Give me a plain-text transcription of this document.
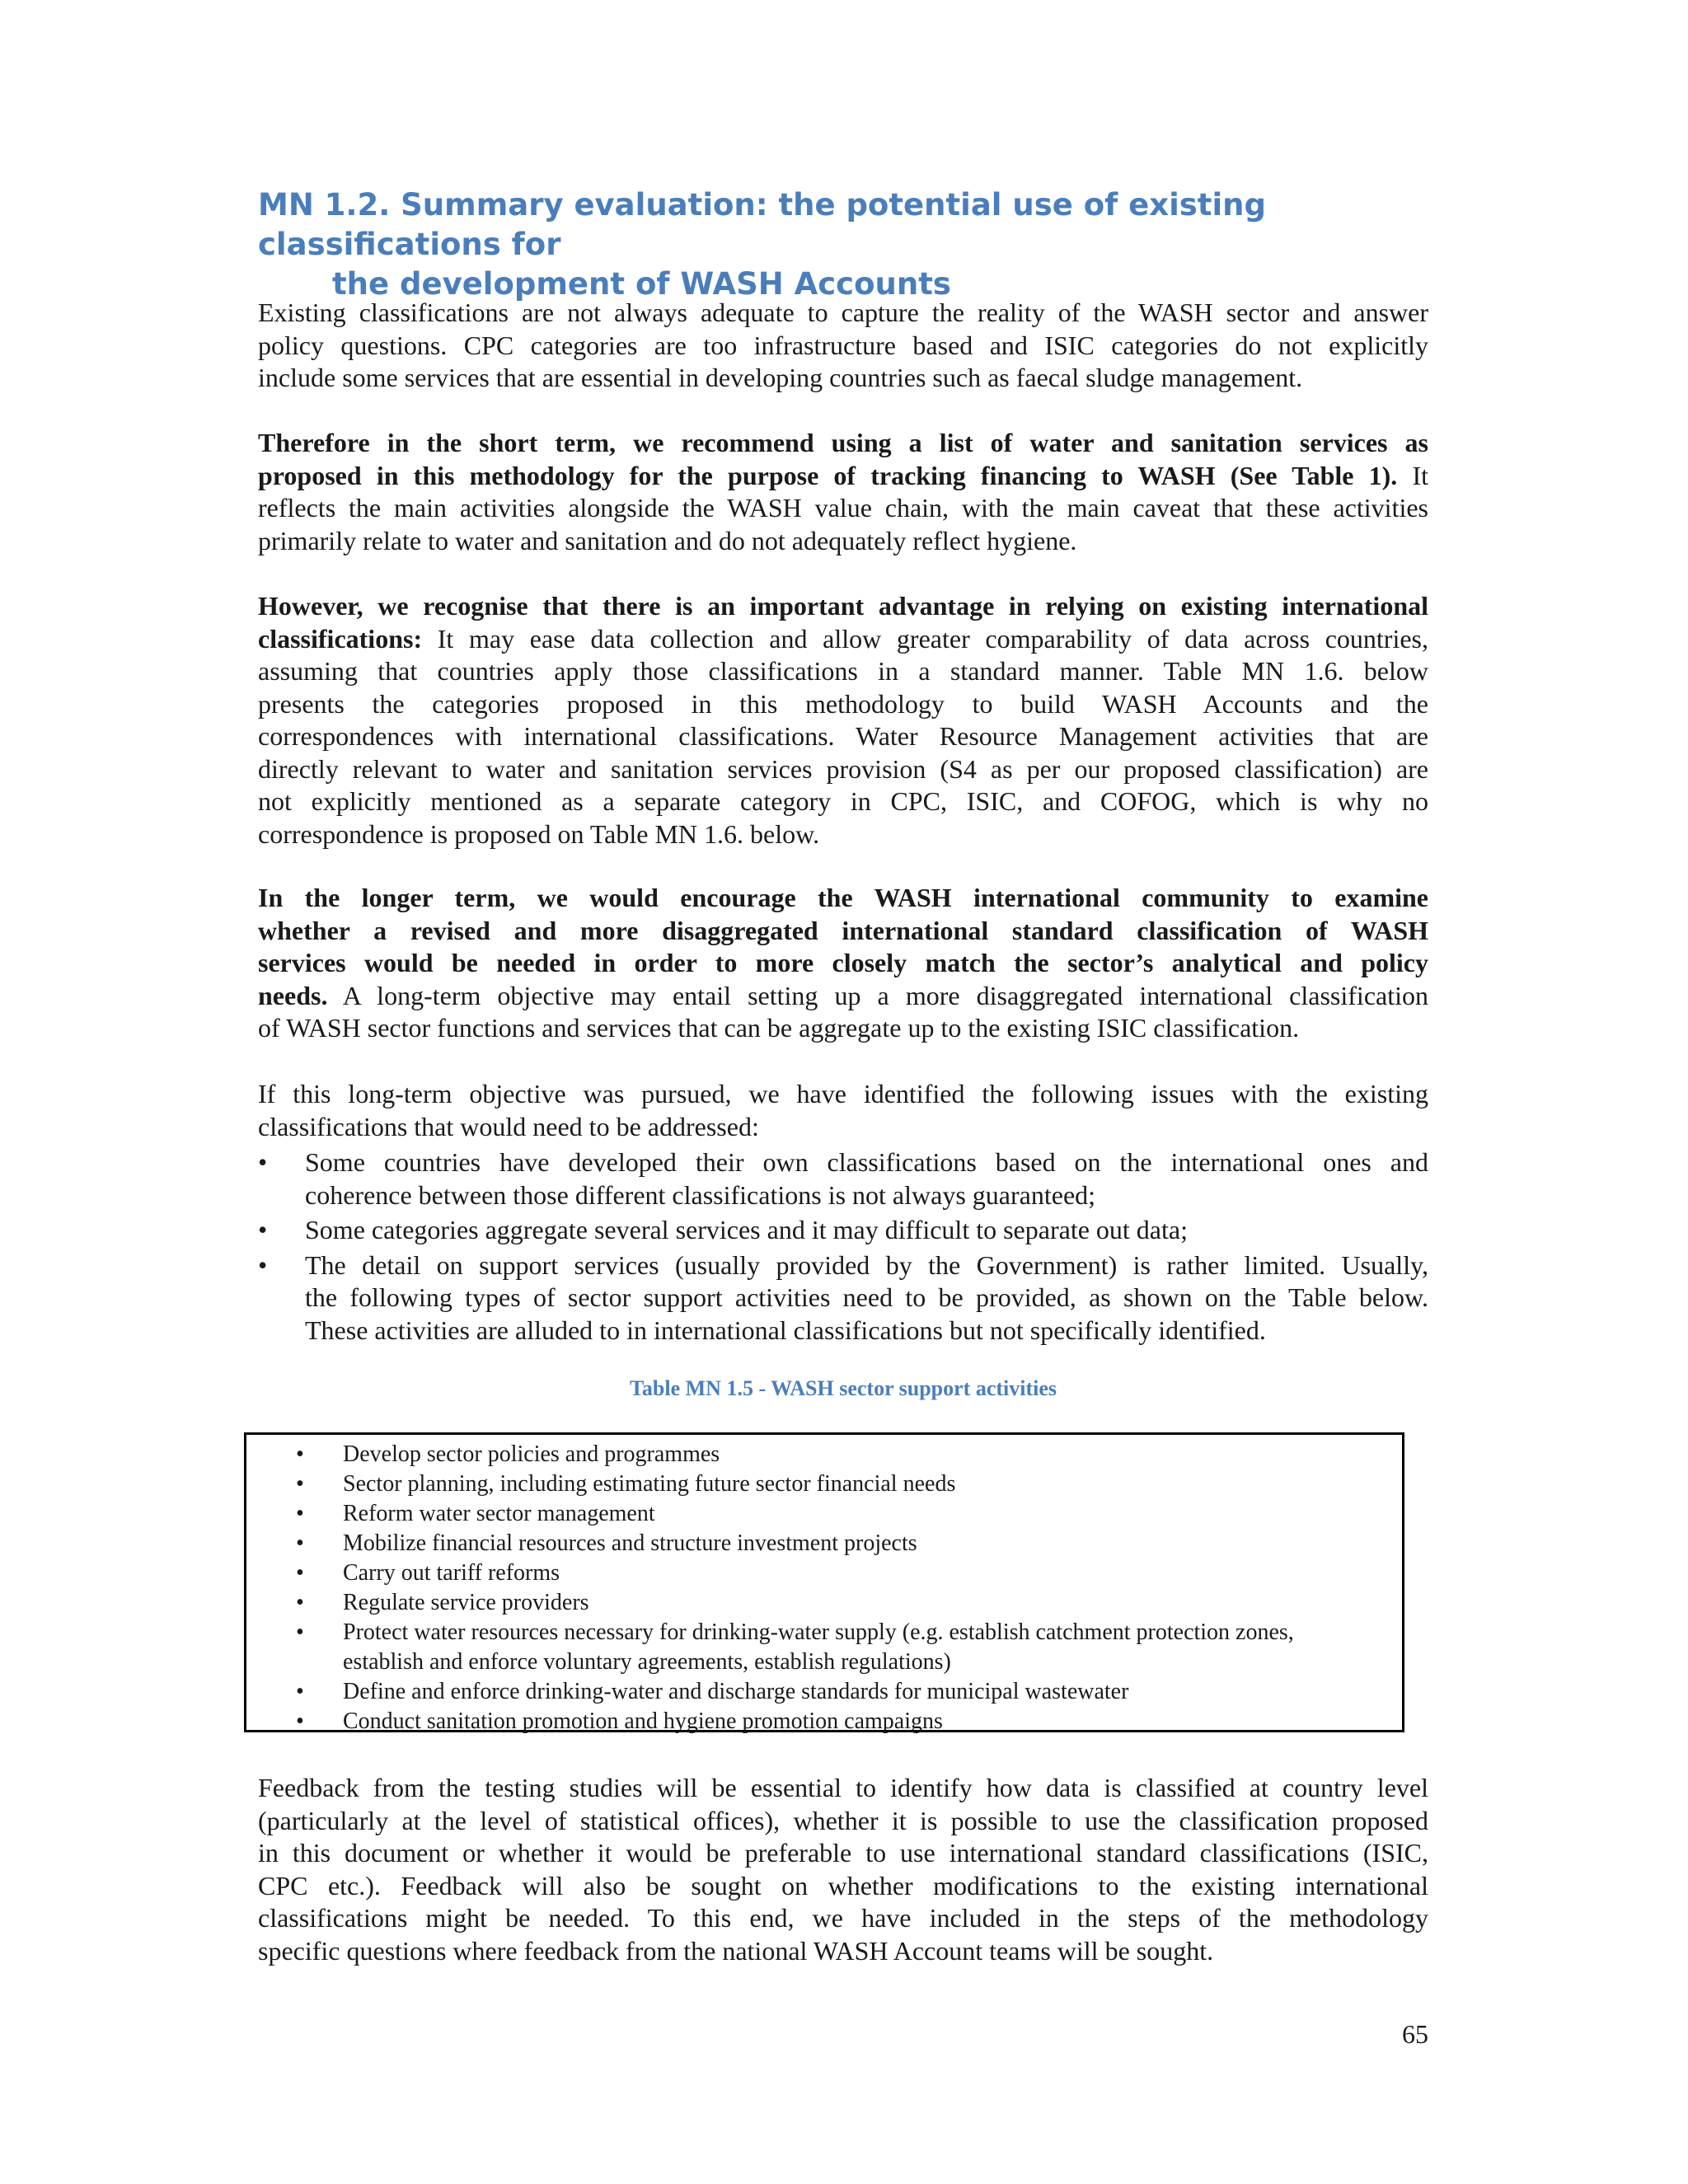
MN 1.2. Summary evaluation: the potential use of existing classifications for
the development of WASH Accounts

Existing classifications are not always adequate to capture the reality of the WASH sector and answer
policy questions. CPC categories are too infrastructure based and ISIC categories do not explicitly
include some services that are essential in developing countries such as faecal sludge management.

Therefore in the short term, we recommend using a list of water and sanitation services as
proposed in this methodology for the purpose of tracking financing to WASH (See Table 1). It
reflects the main activities alongside the WASH value chain, with the main caveat that these activities
primarily relate to water and sanitation and do not adequately reflect hygiene.

However, we recognise that there is an important advantage in relying on existing international
classifications: It may ease data collection and allow greater comparability of data across countries,
assuming that countries apply those classifications in a standard manner. Table MN 1.6. below
presents the categories proposed in this methodology to build WASH Accounts and the
correspondences with international classifications. Water Resource Management activities that are
directly relevant to water and sanitation services provision (S4 as per our proposed classification) are
not explicitly mentioned as a separate category in CPC, ISIC, and COFOG, which is why no
correspondence is proposed on Table MN 1.6. below.

In the longer term, we would encourage the WASH international community to examine
whether a revised and more disaggregated international standard classification of WASH
services would be needed in order to more closely match the sector’s analytical and policy
needs. A long-term objective may entail setting up a more disaggregated international classification
of WASH sector functions and services that can be aggregate up to the existing ISIC classification.

If this long-term objective was pursued, we have identified the following issues with the existing
classifications that would need to be addressed:

• Some countries have developed their own classifications based on the international ones and
coherence between those different classifications is not always guaranteed;
• Some categories aggregate several services and it may difficult to separate out data;
• The detail on support services (usually provided by the Government) is rather limited. Usually,
the following types of sector support activities need to be provided, as shown on the Table below.
These activities are alluded to in international classifications but not specifically identified.
Table MN 1.5 - WASH sector support activities
• Develop sector policies and programmes
• Sector planning, including estimating future sector financial needs
• Reform water sector management
• Mobilize financial resources and structure investment projects
• Carry out tariff reforms
• Regulate service providers
• Protect water resources necessary for drinking-water supply (e.g. establish catchment protection zones, establish and enforce voluntary agreements, establish regulations)
• Define and enforce drinking-water and discharge standards for municipal wastewater
• Conduct sanitation promotion and hygiene promotion campaigns

Feedback from the testing studies will be essential to identify how data is classified at country level
(particularly at the level of statistical offices), whether it is possible to use the classification proposed
in this document or whether it would be preferable to use international standard classifications (ISIC,
CPC etc.). Feedback will also be sought on whether modifications to the existing international
classifications might be needed. To this end, we have included in the steps of the methodology
specific questions where feedback from the national WASH Account teams will be sought.

65
